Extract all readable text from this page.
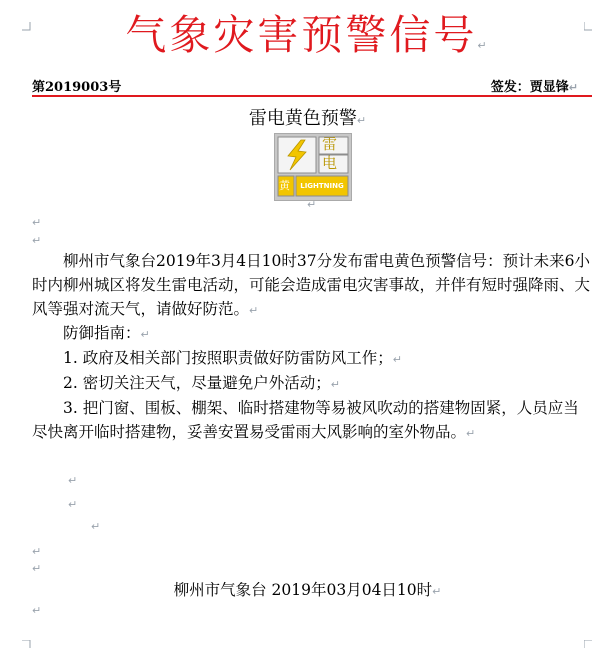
气象灾害预警信号↵
第2019003号	签发：贾显锋↵
雷电黄色预警↵
雷
电
黄	LIGHTNING
↵
↵
↵
柳州市气象台2019年3月4日10时37分发布雷电黄色预警信号：预计未来6小时内柳州城区将发生雷电活动，可能会造成雷电灾害事故，并伴有短时强降雨、大风等强对流天气，请做好防范。↵
防御指南：↵
1. 政府及相关部门按照职责做好防雷防风工作；↵
2. 密切关注天气，尽量避免户外活动；↵
3. 把门窗、围板、棚架、临时搭建物等易被风吹动的搭建物固紧，人员应当尽快离开临时搭建物，妥善安置易受雷雨大风影响的室外物品。↵
↵
↵
↵
↵
↵
柳州市气象台 2019年03月04日10时↵
↵
